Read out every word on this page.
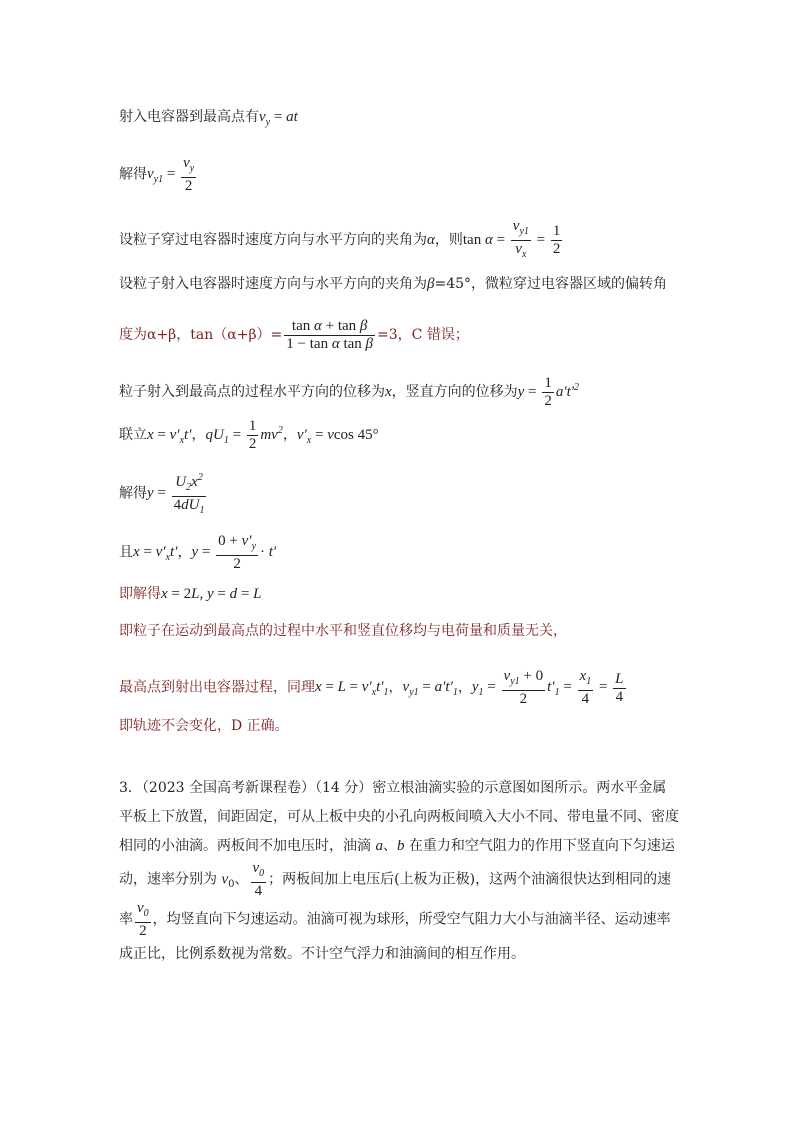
射入电容器到最高点有$v_y$ = at
解得$v_{y1} = \frac{v_y}{2}$
设粒子穿过电容器时速度方向与水平方向的夹角为α，则$\tan \alpha = \frac{v_{y1}}{v_x} = \frac{1}{2}$
设粒子射入电容器时速度方向与水平方向的夹角为β=45°，微粒穿过电容器区域的偏转角
度为α+β，$\tan(\alpha+\beta)= \frac{\text{tan α + tan β}}{\text{1 − tan α tan β}} =3$，C 错误；
粒子射入到最高点的过程水平方向的位移为x，竖直方向的位移为$y = \frac{1}{2} a't'^2$
联立$x = v'_xt'$，$qU_1 = \frac{1}{2} mv^2$，$v'_x = vcos$ 45°
解得$y = \frac{U_2x^2}{4dU_1}$
且$x = v'_xt'$，$y = \frac{0 + v'_y}{2} \cdot t'$
即解得x = 2L, y = d = L
即粒子在运动到最高点的过程中水平和竖直位移均与电荷量和质量无关，
最高点到射出电容器过程，同理$x = L = v'_xt'_1$，$v_{y1} = a't'_1$，$y_1 = \frac{v_{y1} + 0}{2} t'_1 = \frac{x_1}{4} = \frac{L}{4}$
即轨迹不会变化，D 正确。
3．（2023 全国高考新课程卷）（14 分）密立根油滴实验的示意图如图所示。两水平金属平板上下放置，间距固定，可从上板中央的小孔向两板间喷入大小不同、带电量不同、密度相同的小油滴。两板间不加电压时，油滴 a、b 在重力和空气阻力的作用下竖直向下匀速运动，速率分别为 $v_0$、 $\frac{v_0}{4}$ ；两板间加上电压后(上板为正极)，这两个油滴很快达到相同的速率 $\frac{v_0}{2}$ ，均竖直向下匀速运动。油滴可视为球形，所受空气阻力大小与油滴半径、运动速率成正比，比例系数视为常数。不计空气浮力和油滴间的相互作用。
